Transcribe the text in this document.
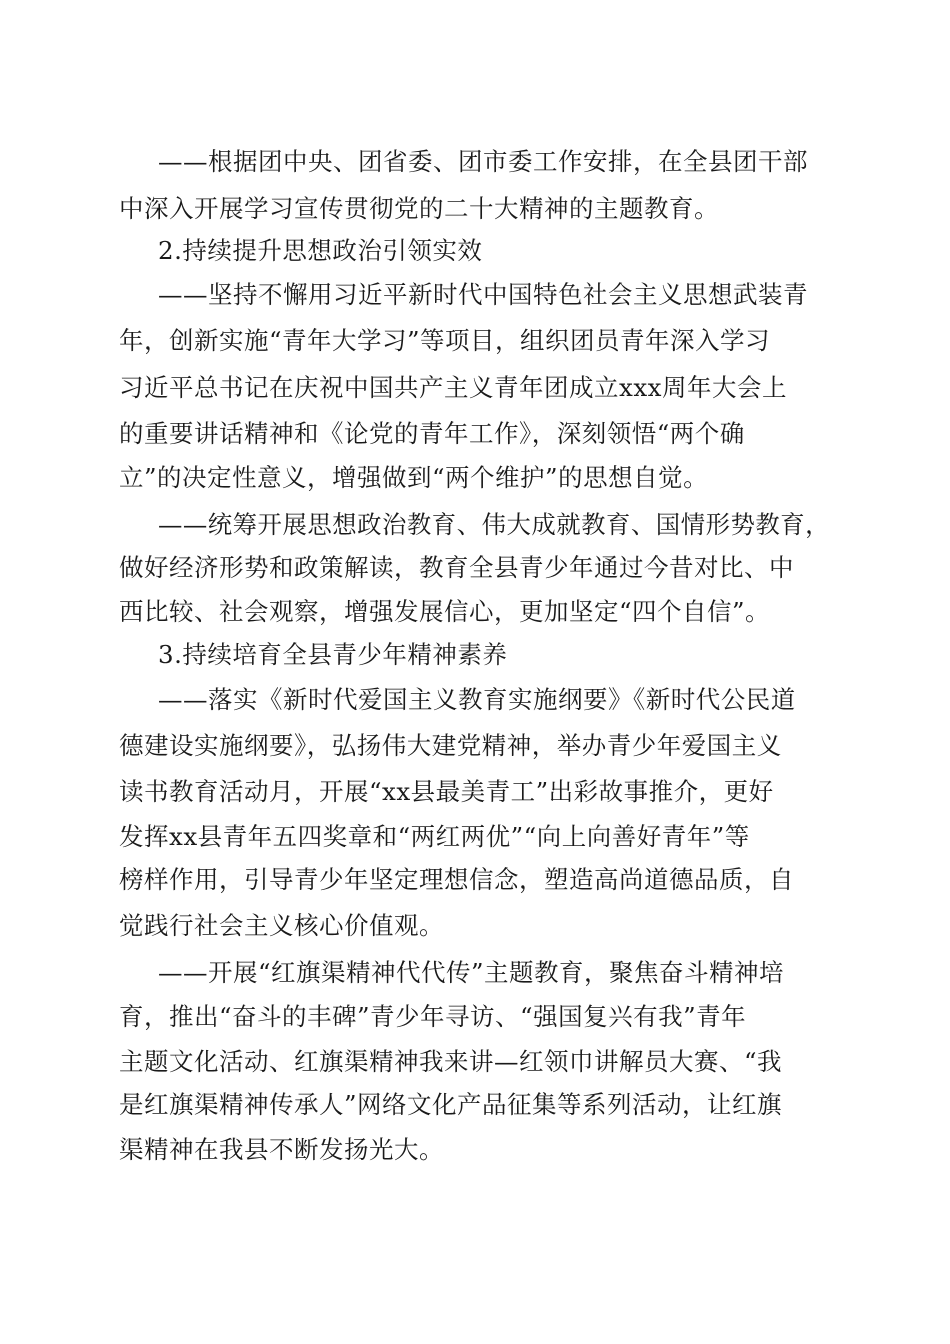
——根据团中央、团省委、团市委工作安排，在全县团干部
中深入开展学习宣传贯彻党的二十大精神的主题教育。
2.持续提升思想政治引领实效
——坚持不懈用习近平新时代中国特色社会主义思想武装青
年，创新实施“青年大学习”等项目，组织团员青年深入学习
习近平总书记在庆祝中国共产主义青年团成立xxx周年大会上
的重要讲话精神和《论党的青年工作》，深刻领悟“两个确
立”的决定性意义，增强做到“两个维护”的思想自觉。
——统筹开展思想政治教育、伟大成就教育、国情形势教育，
做好经济形势和政策解读，教育全县青少年通过今昔对比、中
西比较、社会观察，增强发展信心，更加坚定“四个自信”。
3.持续培育全县青少年精神素养
——落实《新时代爱国主义教育实施纲要》《新时代公民道
德建设实施纲要》，弘扬伟大建党精神，举办青少年爱国主义
读书教育活动月，开展“xx县最美青工”出彩故事推介，更好
发挥xx县青年五四奖章和“两红两优”“向上向善好青年”等
榜样作用，引导青少年坚定理想信念，塑造高尚道德品质，自
觉践行社会主义核心价值观。
——开展“红旗渠精神代代传”主题教育，聚焦奋斗精神培
育，推出“奋斗的丰碑”青少年寻访、“强国复兴有我”青年
主题文化活动、红旗渠精神我来讲—红领巾讲解员大赛、“我
是红旗渠精神传承人”网络文化产品征集等系列活动，让红旗
渠精神在我县不断发扬光大。
